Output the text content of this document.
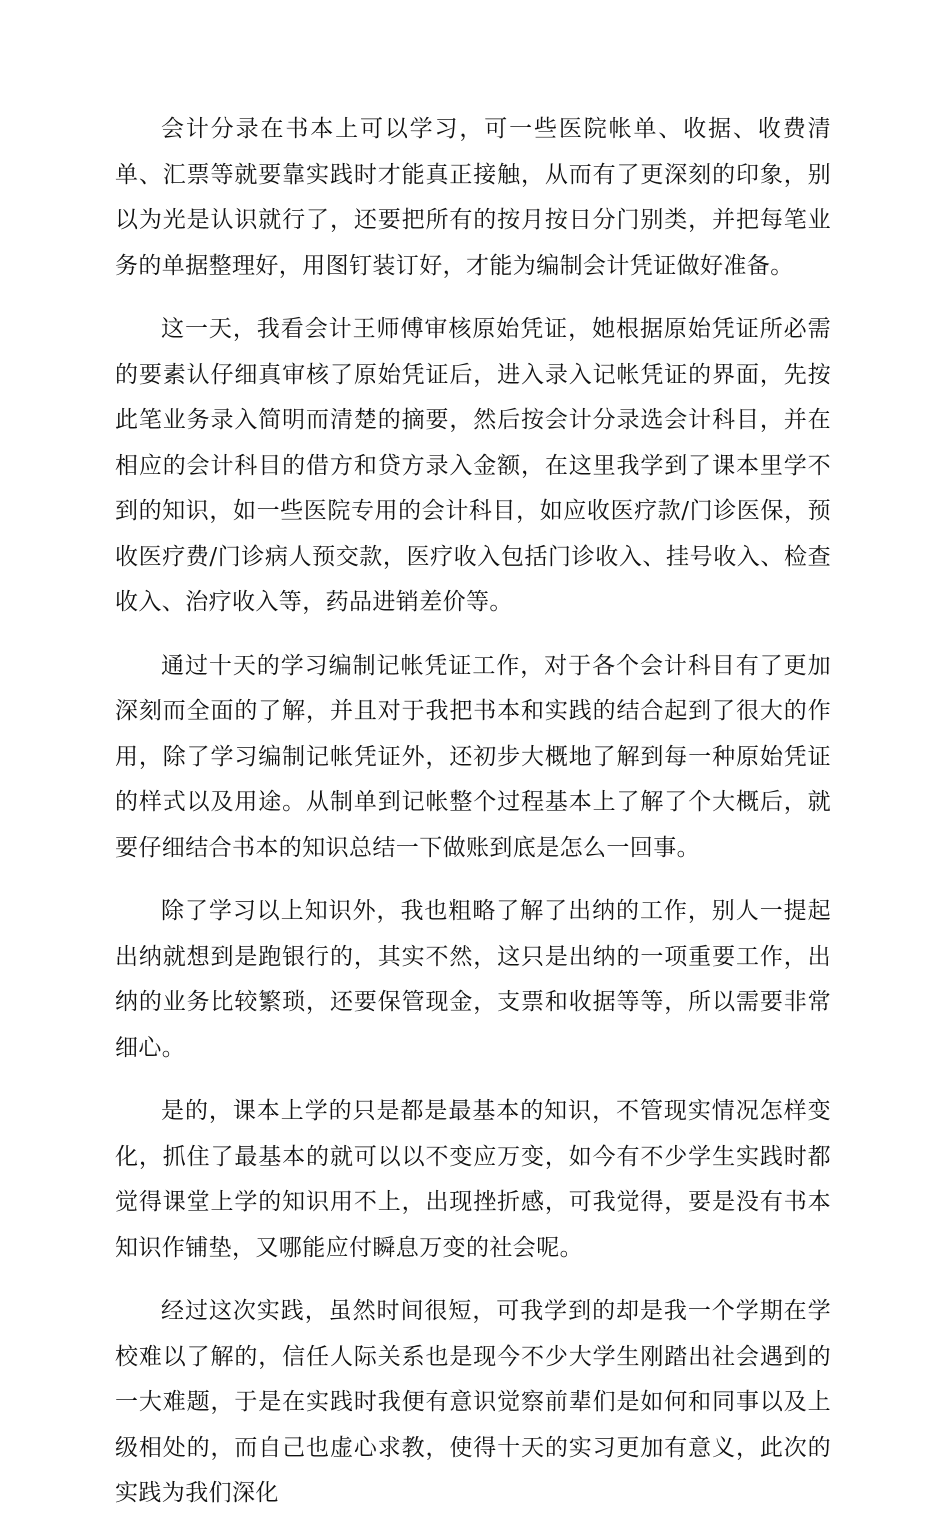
会计分录在书本上可以学习，可一些医院帐单、收据、收费清单、汇票等就要靠实践时才能真正接触，从而有了更深刻的印象，别以为光是认识就行了，还要把所有的按月按日分门别类，并把每笔业务的单据整理好，用图钉装订好，才能为编制会计凭证做好准备。

这一天，我看会计王师傅审核原始凭证，她根据原始凭证所必需的要素认仔细真审核了原始凭证后，进入录入记帐凭证的界面，先按此笔业务录入简明而清楚的摘要，然后按会计分录选会计科目，并在相应的会计科目的借方和贷方录入金额，在这里我学到了课本里学不到的知识，如一些医院专用的会计科目，如应收医疗款/门诊医保，预收医疗费/门诊病人预交款，医疗收入包括门诊收入、挂号收入、检查收入、治疗收入等，药品进销差价等。

通过十天的学习编制记帐凭证工作，对于各个会计科目有了更加深刻而全面的了解，并且对于我把书本和实践的结合起到了很大的作用，除了学习编制记帐凭证外，还初步大概地了解到每一种原始凭证的样式以及用途。从制单到记帐整个过程基本上了解了个大概后，就要仔细结合书本的知识总结一下做账到底是怎么一回事。

除了学习以上知识外，我也粗略了解了出纳的工作，别人一提起出纳就想到是跑银行的，其实不然，这只是出纳的一项重要工作，出纳的业务比较繁琐，还要保管现金，支票和收据等等，所以需要非常细心。

是的，课本上学的只是都是最基本的知识，不管现实情况怎样变化，抓住了最基本的就可以以不变应万变，如今有不少学生实践时都觉得课堂上学的知识用不上，出现挫折感，可我觉得，要是没有书本知识作铺垫，又哪能应付瞬息万变的社会呢。

经过这次实践，虽然时间很短，可我学到的却是我一个学期在学校难以了解的，信任人际关系也是现今不少大学生刚踏出社会遇到的一大难题，于是在实践时我便有意识觉察前辈们是如何和同事以及上级相处的，而自己也虚心求教，使得十天的实习更加有意义，此次的实践为我们深化
